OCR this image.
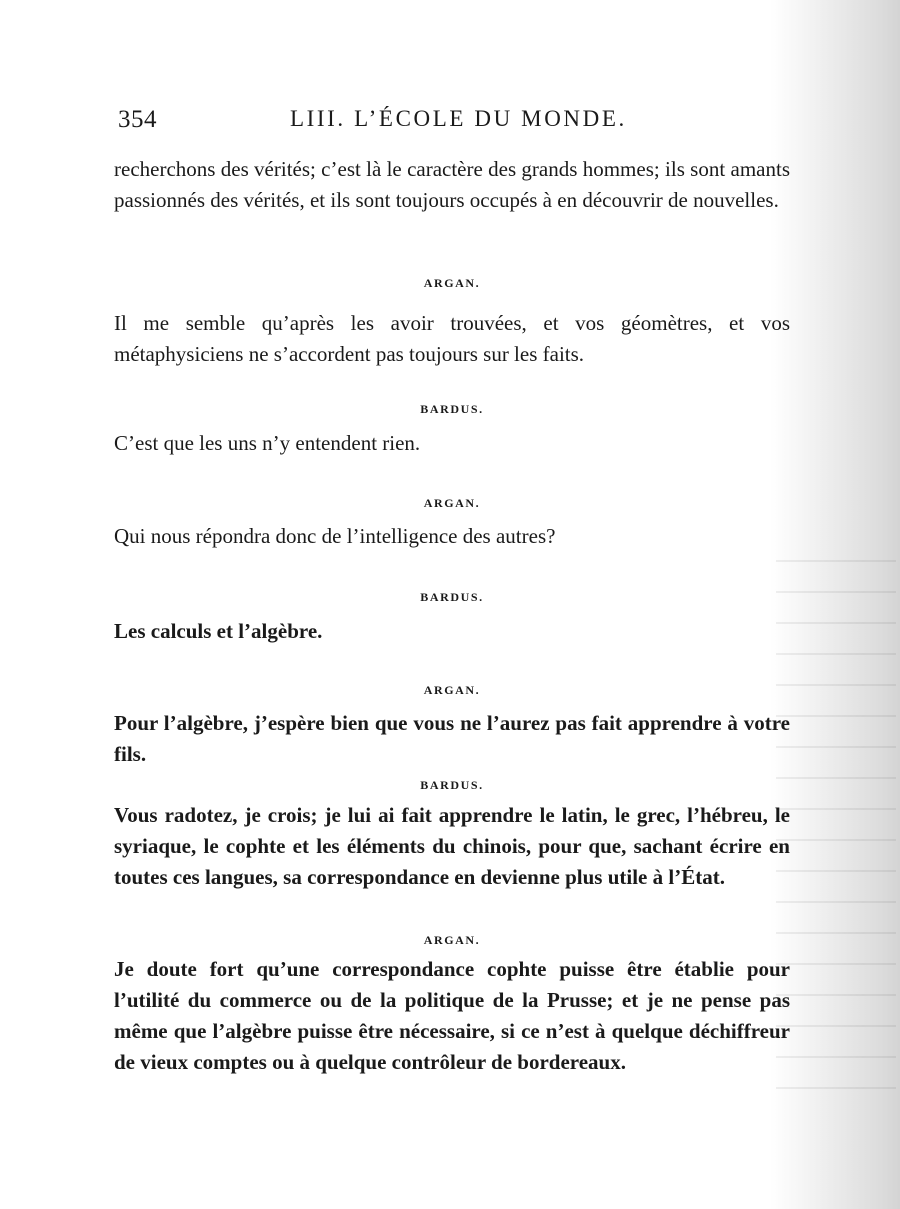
354	LIII. L’ÉCOLE DU MONDE.

recherchons des vérités; c’est là le caractère des grands hommes; ils sont amants passionnés des vérités, et ils sont toujours occupés à en découvrir de nouvelles.

ARGAN.

Il me semble qu’après les avoir trouvées, et vos géomètres, et vos métaphysiciens ne s’accordent pas toujours sur les faits.

BARDUS.

C’est que les uns n’y entendent rien.

ARGAN.

Qui nous répondra donc de l’intelligence des autres?

BARDUS.

Les calculs et l’algèbre.

ARGAN.

Pour l’algèbre, j’espère bien que vous ne l’aurez pas fait apprendre à votre fils.

BARDUS.

Vous radotez, je crois; je lui ai fait apprendre le latin, le grec, l’hébreu, le syriaque, le cophte et les éléments du chinois, pour que, sachant écrire en toutes ces langues, sa correspondance en devienne plus utile à l’État.

ARGAN.

Je doute fort qu’une correspondance cophte puisse être établie pour l’utilité du commerce ou de la politique de la Prusse; et je ne pense pas même que l’algèbre puisse être nécessaire, si ce n’est à quelque déchiffreur de vieux comptes ou à quelque contrôleur de bordereaux.
